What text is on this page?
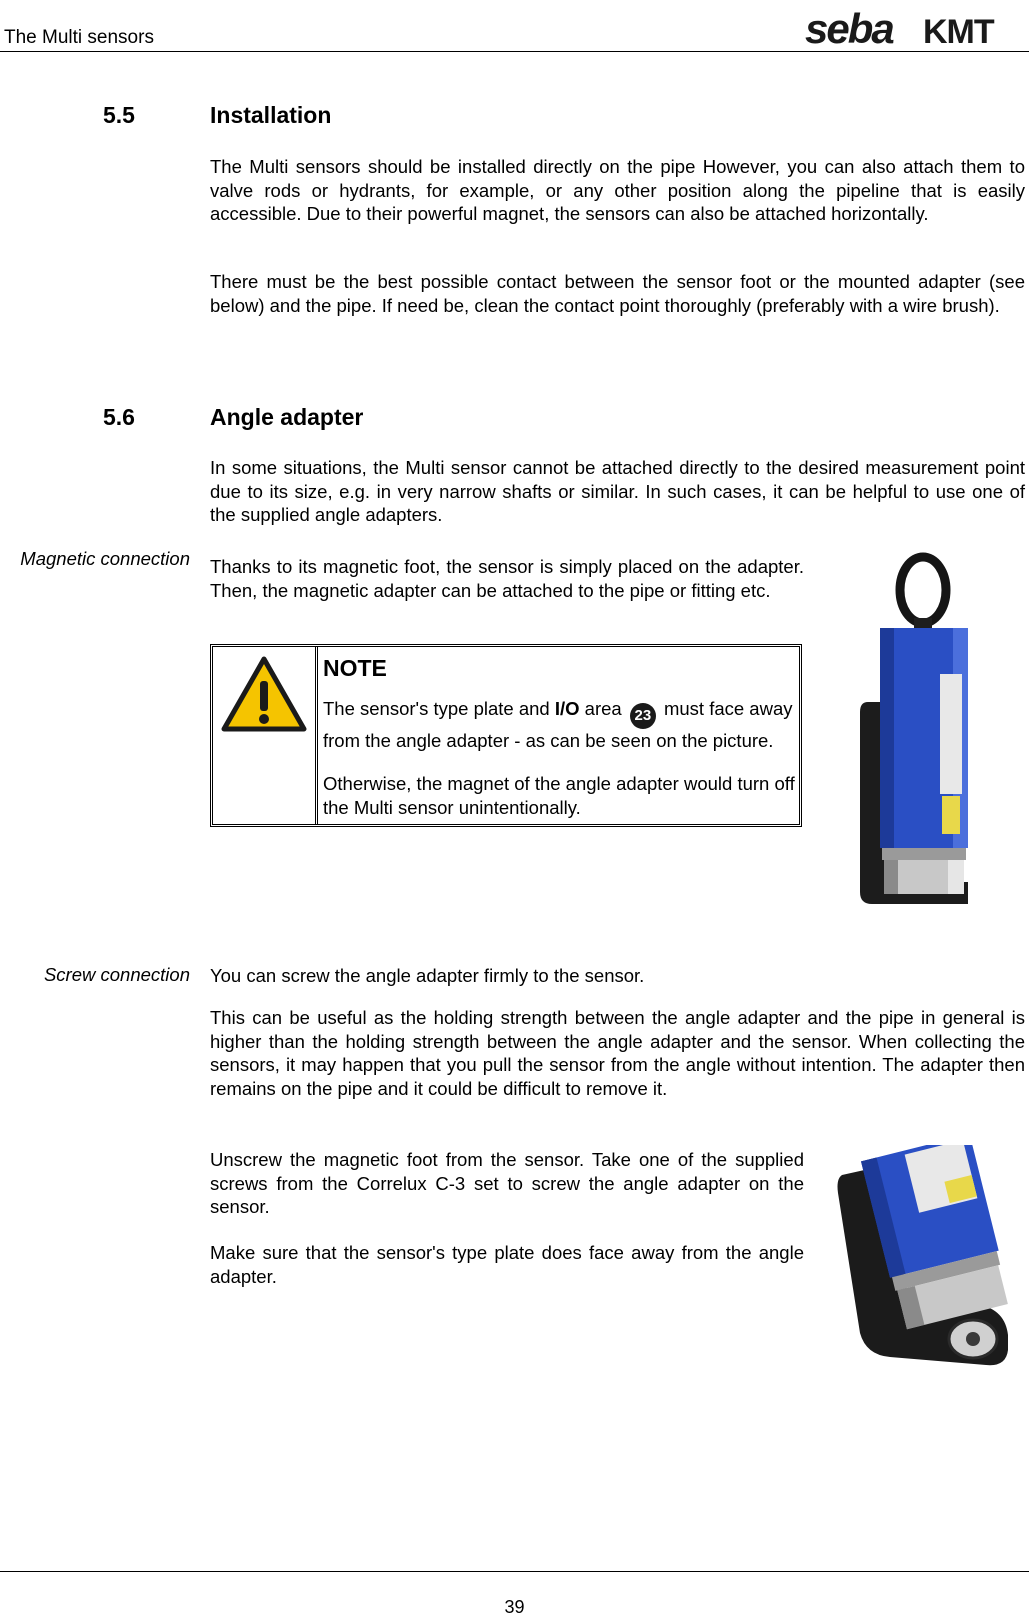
The Multi sensors	seba KMT
5.5	Installation
The Multi sensors should be installed directly on the pipe However, you can also attach them to valve rods or hydrants, for example, or any other position along the pipeline that is easily accessible. Due to their powerful magnet, the sensors can also be attached horizontally.
There must be the best possible contact between the sensor foot or the mounted adapter (see below) and the pipe. If need be, clean the contact point thoroughly (preferably with a wire brush).
5.6	Angle adapter
In some situations, the Multi sensor cannot be attached directly to the desired measurement point due to its size, e.g. in very narrow shafts or similar. In such cases, it can be helpful to use one of the supplied angle adapters.
Magnetic connection Thanks to its magnetic foot, the sensor is simply placed on the adapter. Then, the magnetic adapter can be attached to the pipe or fitting etc.
NOTE
The sensor's type plate and I/O area 23 must face away from the angle adapter - as can be seen on the picture.
Otherwise, the magnet of the angle adapter would turn off the Multi sensor unintentionally.
Screw connection You can screw the angle adapter firmly to the sensor.
This can be useful as the holding strength between the angle adapter and the pipe in general is higher than the holding strength between the angle adapter and the sensor. When collecting the sensors, it may happen that you pull the sensor from the angle without intention. The adapter then remains on the pipe and it could be difficult to remove it.
Unscrew the magnetic foot from the sensor. Take one of the supplied screws from the Correlux C-3 set to screw the angle adapter on the sensor.
Make sure that the sensor's type plate does face away from the angle adapter.
39
